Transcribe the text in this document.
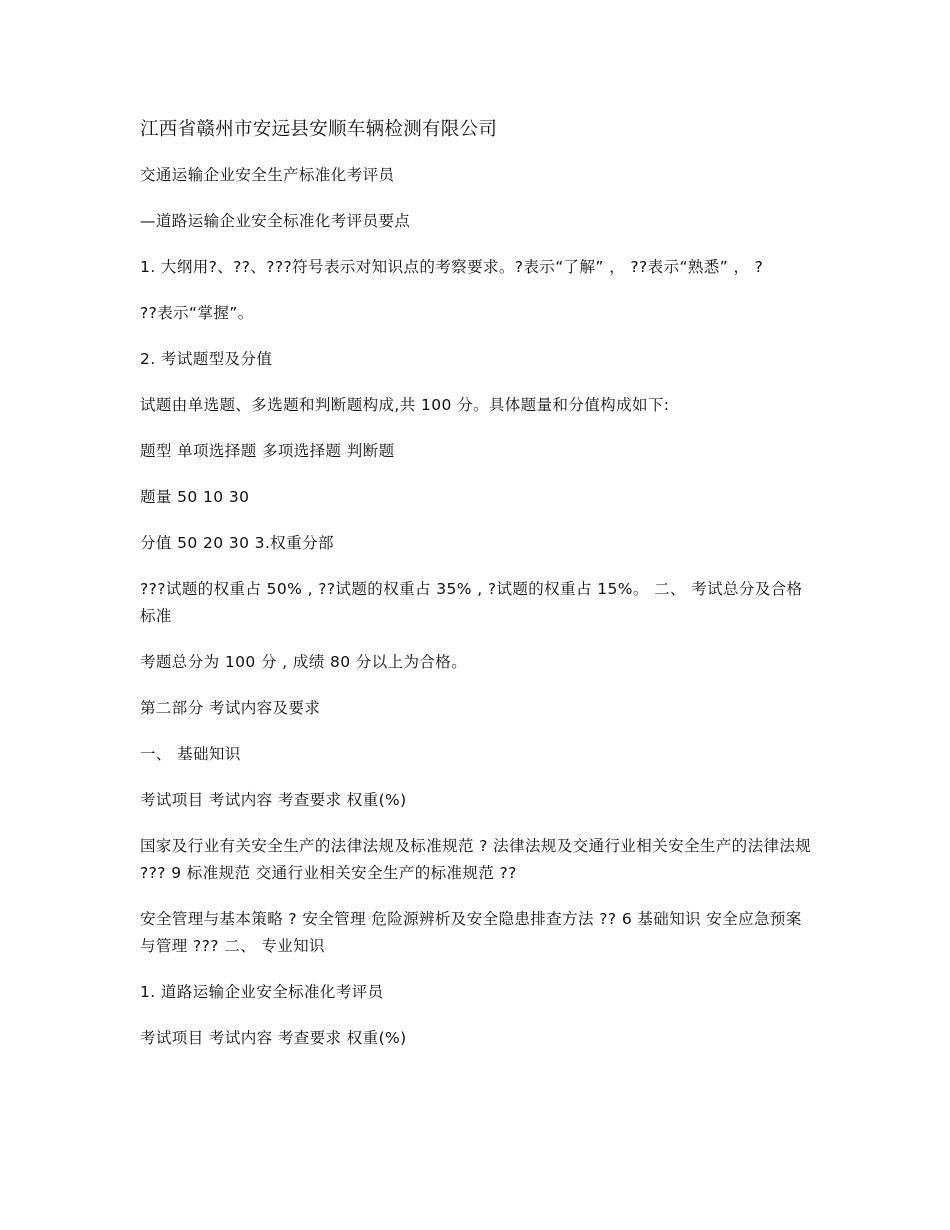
江西省赣州市安远县安顺车辆检测有限公司

交通运输企业安全生产标准化考评员

—道路运输企业安全标准化考评员要点

1. 大纲用?、??、???符号表示对知识点的考察要求。?表示“了解” ， ??表示“熟悉” ， ?

??表示“掌握”。

2. 考试题型及分值

试题由单选题、多选题和判断题构成,共 100 分。具体题量和分值构成如下:

题型 单项选择题 多项选择题 判断题

题量 50 10 30

分值 50 20 30 3.权重分部

???试题的权重占 50% , ??试题的权重占 35% , ?试题的权重占 15%。 二、 考试总分及合格标准

考题总分为 100 分 , 成绩 80 分以上为合格。

第二部分 考试内容及要求

一、 基础知识

考试项目 考试内容 考查要求 权重(%)

国家及行业有关安全生产的法律法规及标准规范 ? 法律法规及交通行业相关安全生产的法律法规 ??? 9 标准规范 交通行业相关安全生产的标准规范 ??

安全管理与基本策略 ? 安全管理 危险源辨析及安全隐患排查方法 ?? 6 基础知识 安全应急预案与管理 ??? 二、 专业知识

1. 道路运输企业安全标准化考评员

考试项目 考试内容 考查要求 权重(%)
